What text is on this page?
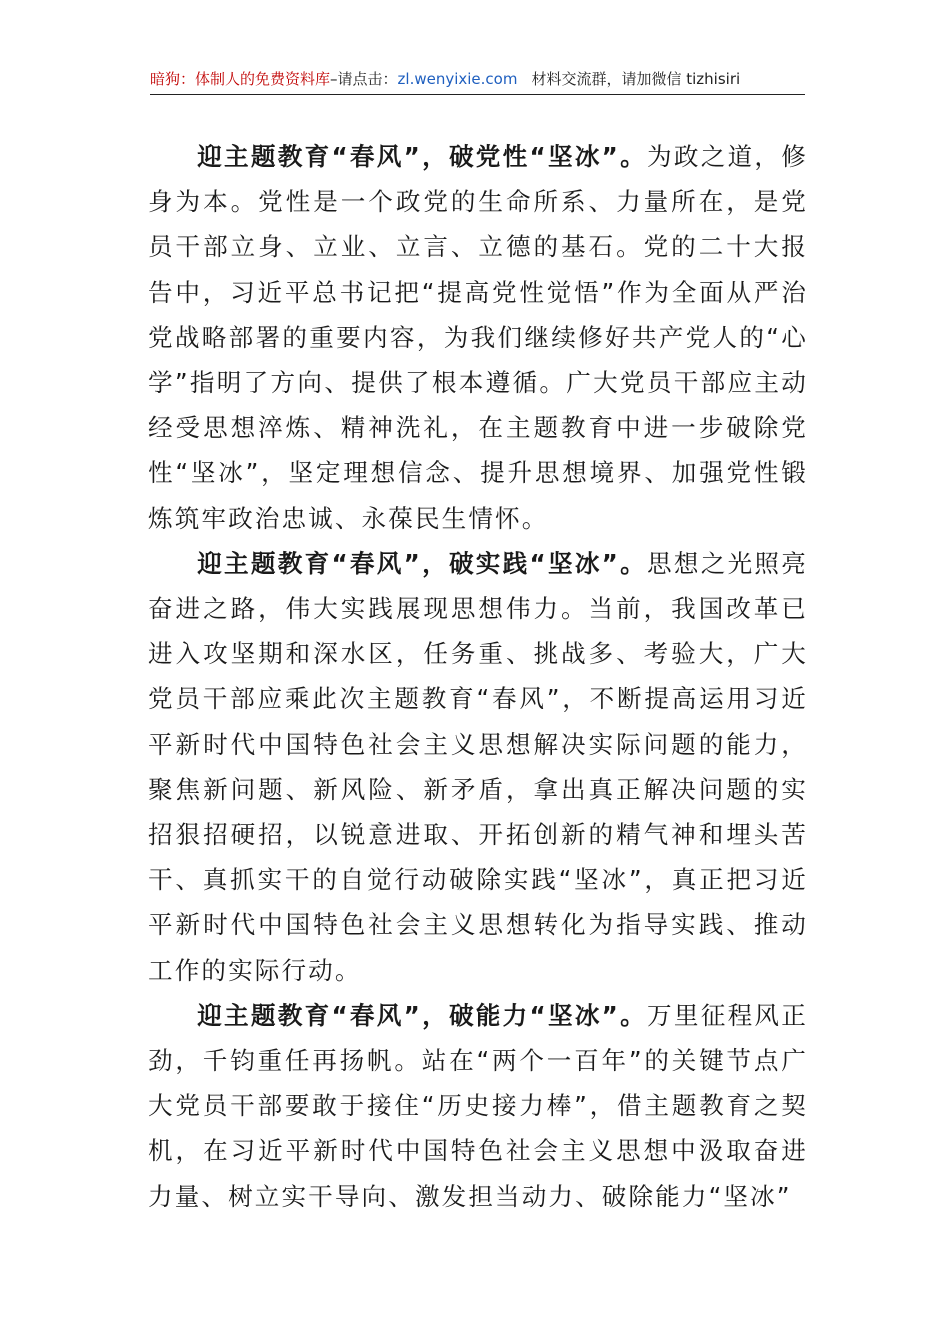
暗狗：体制人的免费资料库–请点击：zl.wenyixie.com 材料交流群，请加微信 tizhisiri

迎主题教育“春风”，破党性“坚冰”。为政之道，修身为本。党性是一个政党的生命所系、力量所在，是党员干部立身、立业、立言、立德的基石。党的二十大报告中，习近平总书记把“提高党性觉悟”作为全面从严治党战略部署的重要内容，为我们继续修好共产党人的“心学”指明了方向、提供了根本遵循。广大党员干部应主动经受思想淬炼、精神洗礼，在主题教育中进一步破除党性“坚冰”，坚定理想信念、提升思想境界、加强党性锻炼筑牢政治忠诚、永葆民生情怀。

迎主题教育“春风”，破实践“坚冰”。思想之光照亮奋进之路，伟大实践展现思想伟力。当前，我国改革已进入攻坚期和深水区，任务重、挑战多、考验大，广大党员干部应乘此次主题教育“春风”，不断提高运用习近平新时代中国特色社会主义思想解决实际问题的能力，聚焦新问题、新风险、新矛盾，拿出真正解决问题的实招狠招硬招，以锐意进取、开拓创新的精气神和埋头苦干、真抓实干的自觉行动破除实践“坚冰”，真正把习近平新时代中国特色社会主义思想转化为指导实践、推动工作的实际行动。

迎主题教育“春风”，破能力“坚冰”。万里征程风正劲，千钧重任再扬帆。站在“两个一百年”的关键节点广大党员干部要敢于接住“历史接力棒”，借主题教育之契机，在习近平新时代中国特色社会主义思想中汲取奋进力量、树立实干导向、激发担当动力、破除能力“坚冰”
